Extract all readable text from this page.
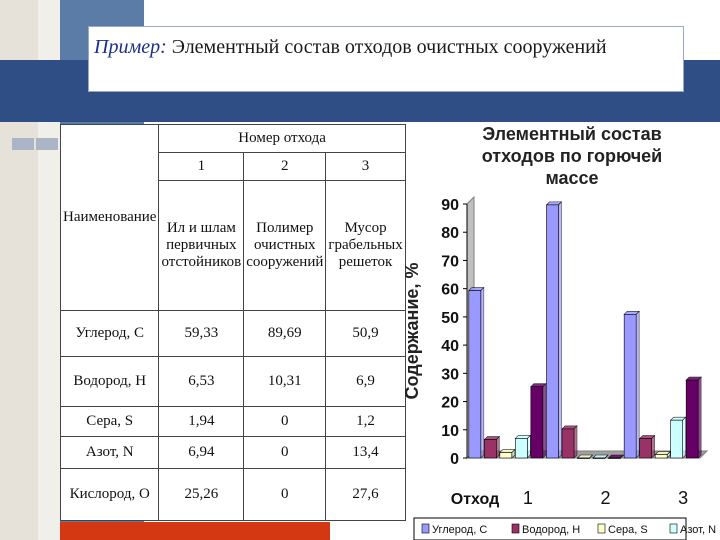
Пример: Элементный состав отходов очистных сооружений
Наименование	Номер отхода		
	1	2	3
	Ил и шлам первичных отстойников	Полимер очистных сооружений	Мусор грабельных решеток
Углерод, С	59,33	89,69	50,9
Водород, Н	6,53	10,31	6,9
Сера, S	1,94	0	1,2
Азот, N	6,94	0	13,4
Кислород, О	25,26	0	27,6
Элементный состав
отходов по горючей
массе
0
10
20
30
40
50
60
70
80
90
Содержание, %
Отход 1	2	3
Углерод, С	Водород, Н	Сера, S	Азот, N
26
